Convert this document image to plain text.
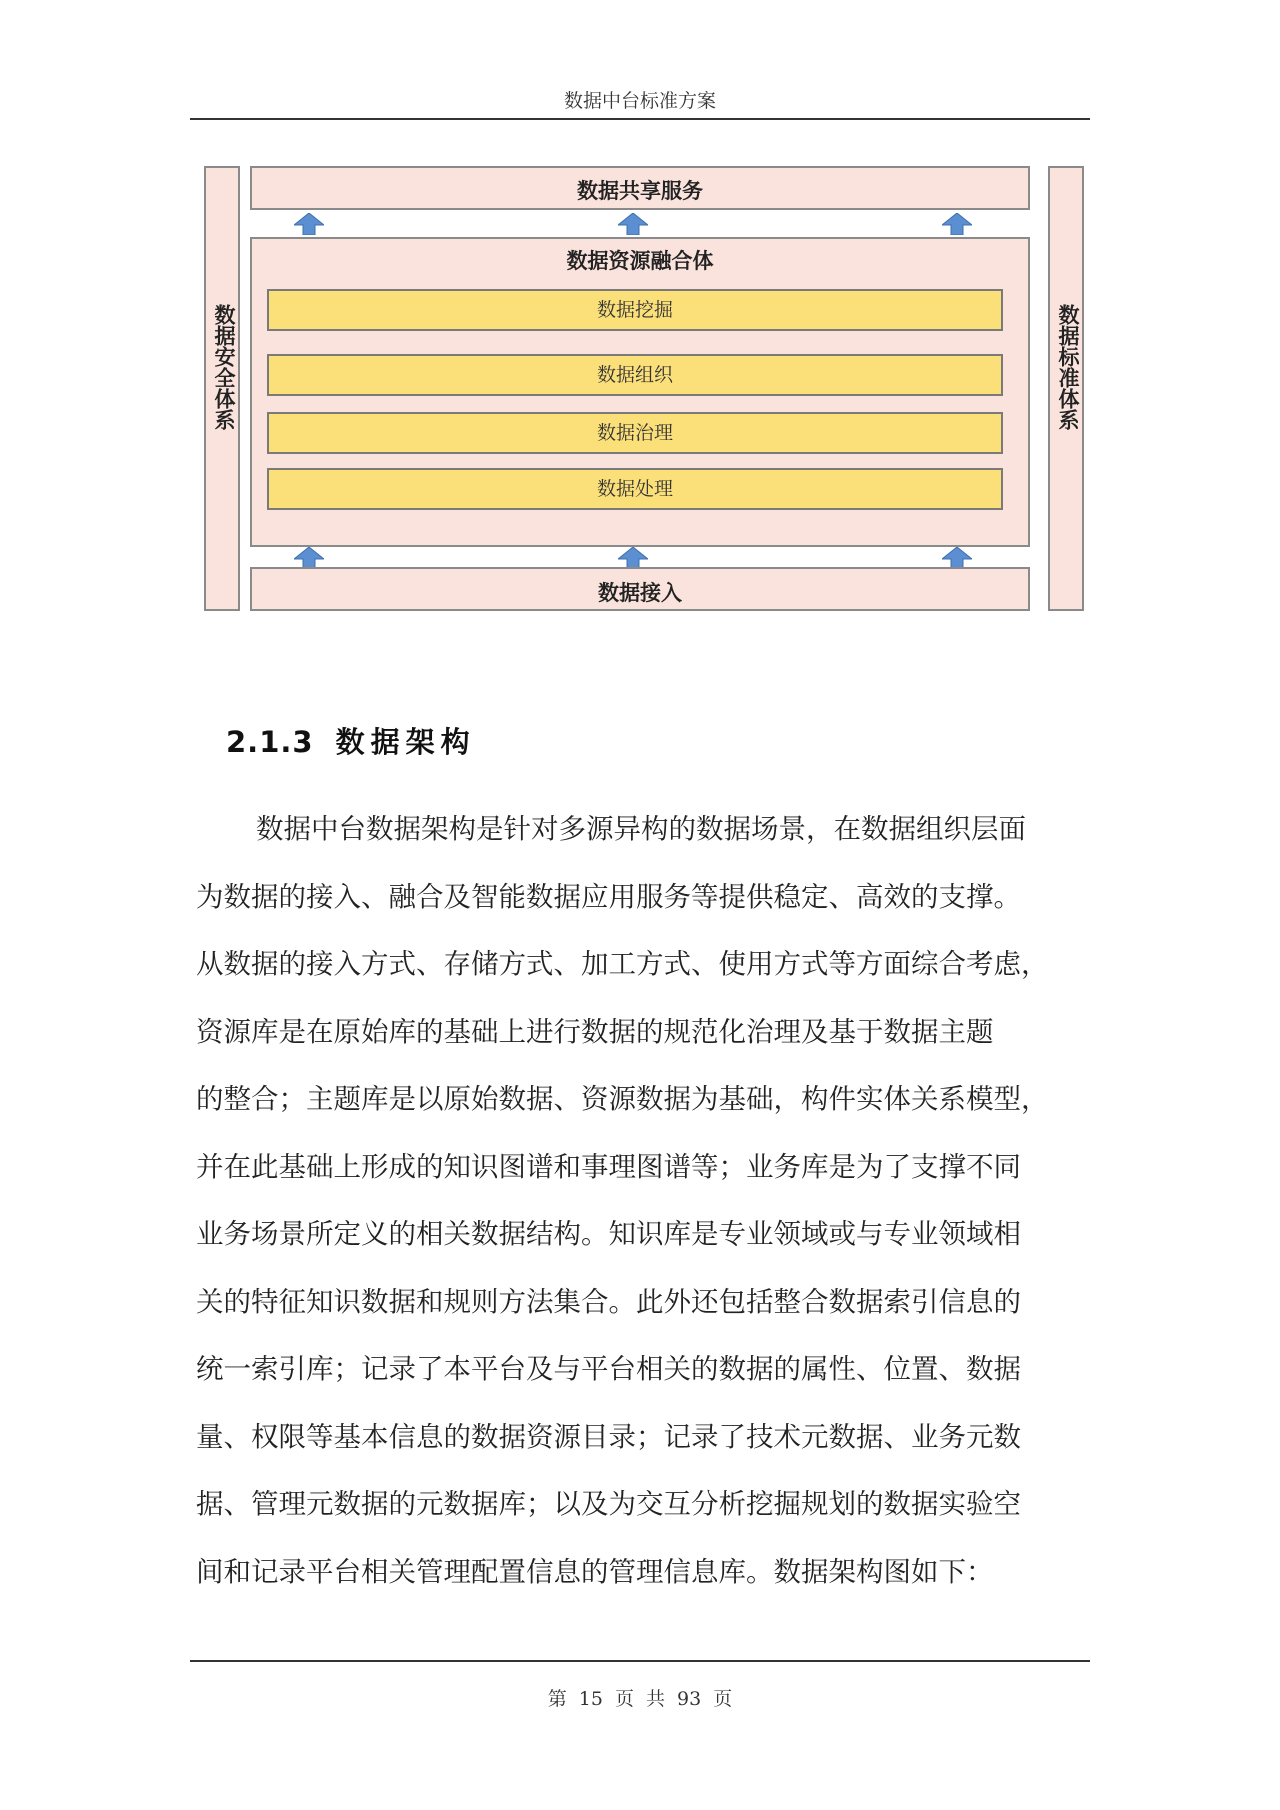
数据中台标准方案
数据安全体系	数据标准体系
数据共享服务
数据资源融合体
数据挖掘
数据组织
数据治理
数据处理
数据接入
2.1.3 数据架构
数据中台数据架构是针对多源异构的数据场景，在数据组织层面
为数据的接入、融合及智能数据应用服务等提供稳定、高效的支撑。
从数据的接入方式、存储方式、加工方式、使用方式等方面综合考虑，
资源库是在原始库的基础上进行数据的规范化治理及基于数据主题
的整合；主题库是以原始数据、资源数据为基础，构件实体关系模型，
并在此基础上形成的知识图谱和事理图谱等；业务库是为了支撑不同
业务场景所定义的相关数据结构。知识库是专业领域或与专业领域相
关的特征知识数据和规则方法集合。此外还包括整合数据索引信息的
统一索引库；记录了本平台及与平台相关的数据的属性、位置、数据
量、权限等基本信息的数据资源目录；记录了技术元数据、业务元数
据、管理元数据的元数据库；以及为交互分析挖掘规划的数据实验空
间和记录平台相关管理配置信息的管理信息库。数据架构图如下：
第 15 页 共 93 页
